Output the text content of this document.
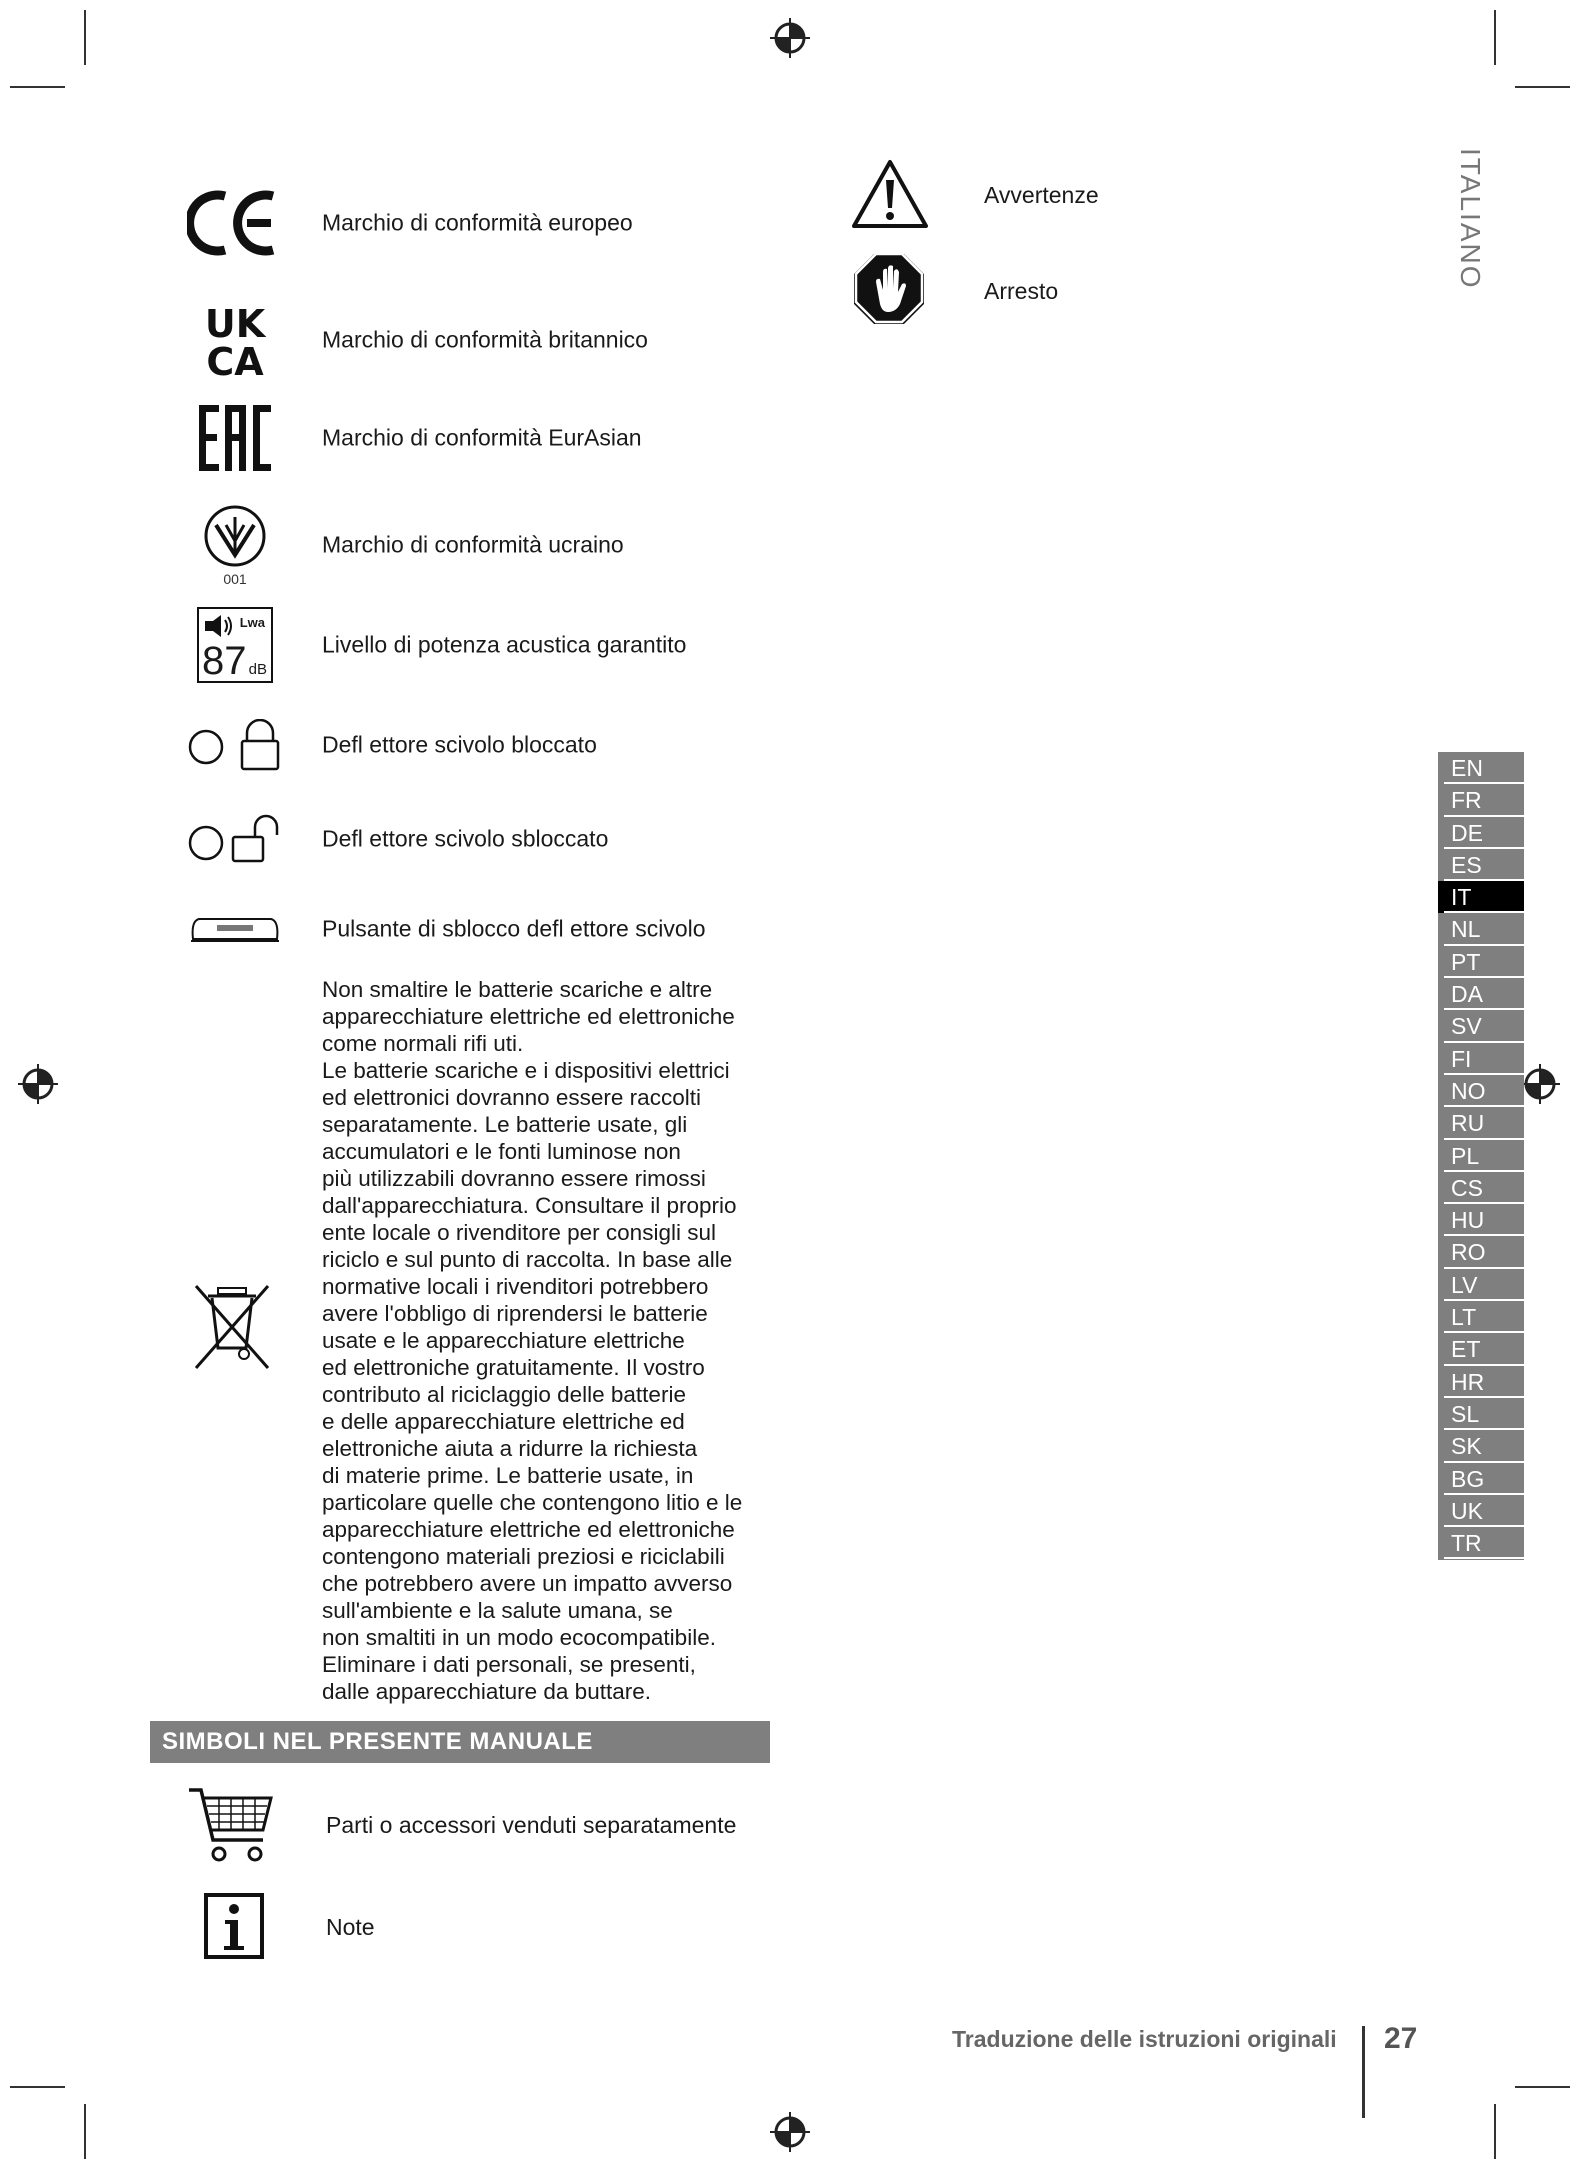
ITALIANO
Marchio di conformità europeo
UK
CA
Marchio di conformità britannico
Marchio di conformità EurAsian
001
Marchio di conformità ucraino
Lwa
87 dB
Livello di potenza acustica garantito
Defl ettore scivolo bloccato
Defl ettore scivolo sbloccato
Pulsante di sblocco defl ettore scivolo

Non smaltire le batterie scariche e altre

apparecchiature elettriche ed elettroniche

come normali rifi uti.

Le batterie scariche e i dispositivi elettrici

ed elettronici dovranno essere raccolti

separatamente. Le batterie usate, gli

accumulatori e le fonti luminose non

più utilizzabili dovranno essere rimossi

dall'apparecchiatura. Consultare il proprio

ente locale o rivenditore per consigli sul

riciclo e sul punto di raccolta. In base alle

normative locali i rivenditori potrebbero

avere l'obbligo di riprendersi le batterie

usate e le apparecchiature elettriche

ed elettroniche gratuitamente. Il vostro

contributo al riciclaggio delle batterie

e delle apparecchiature elettriche ed

elettroniche aiuta a ridurre la richiesta

di materie prime. Le batterie usate, in

particolare quelle che contengono litio e le

apparecchiature elettriche ed elettroniche

contengono materiali preziosi e riciclabili

che potrebbero avere un impatto avverso

sull'ambiente e la salute umana, se

non smaltiti in un modo ecocompatibile.

Eliminare i dati personali, se presenti,

dalle apparecchiature da buttare.

Avvertenze
Arresto
SIMBOLI NEL PRESENTE MANUALE
Parti o accessori venduti separatamente
Note
EN
FR
DE
ES
IT
NL
PT
DA
SV
FI
NO
RU
PL
CS
HU
RO
LV
LT
ET
HR
SL
SK
BG
UK
TR
Traduzione delle istruzioni originali 27
